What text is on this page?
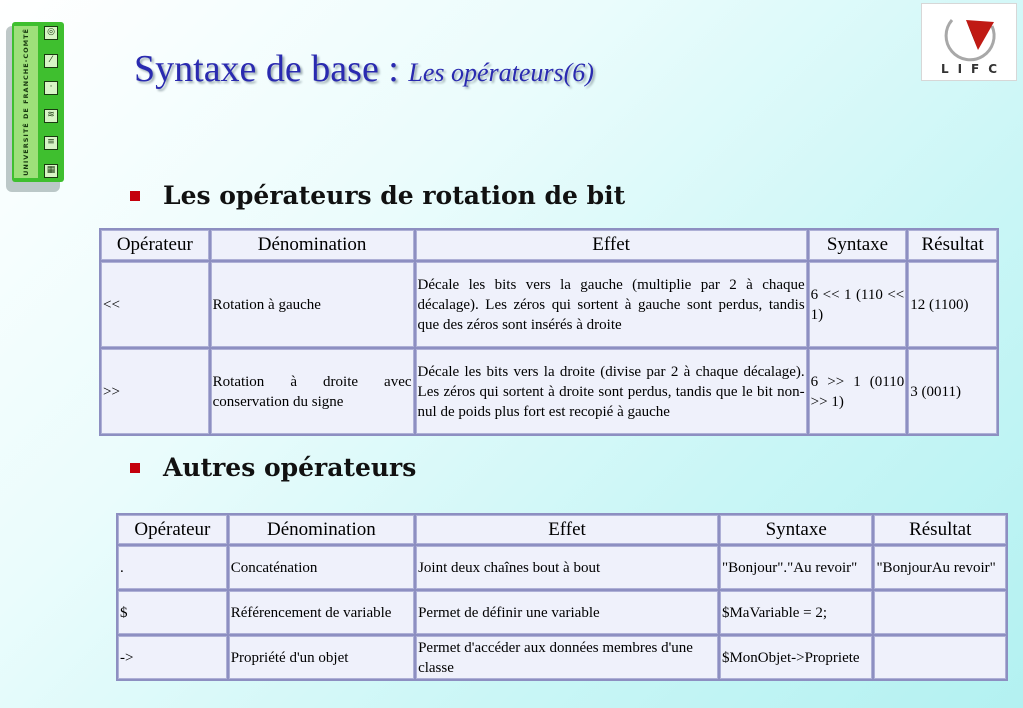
UNIVERSITÉ DE FRANCHE-COMTÉ	◎
⁄
·
≋
≡
▦
LIFC
Syntaxe de base : Les opérateurs(6)
Les opérateurs de rotation de bit
Opérateur	Dénomination	Effet	Syntaxe	Résultat
<<	Rotation à gauche	Décale les bits vers la gauche (multiplie par 2 à chaque décalage). Les zéros qui sortent à gauche sont perdus, tandis que des zéros sont insérés à droite	6 << 1 (110 << 1)	12 (1100)
>>	Rotation à droite avec conservation du signe	Décale les bits vers la droite (divise par 2 à chaque décalage). Les zéros qui sortent à droite sont perdus, tandis que le bit non-nul de poids plus fort est recopié à gauche	6 >> 1 (0110 >> 1)	3 (0011)
Autres opérateurs
Opérateur	Dénomination	Effet	Syntaxe	Résultat
.	Concaténation	Joint deux chaînes bout à bout	"Bonjour"."Au revoir"	"BonjourAu revoir"
$	Référencement de variable	Permet de définir une variable	$MaVariable = 2;	
->	Propriété d'un objet	Permet d'accéder aux données membres d'une classe	$MonObjet->Propriete	
